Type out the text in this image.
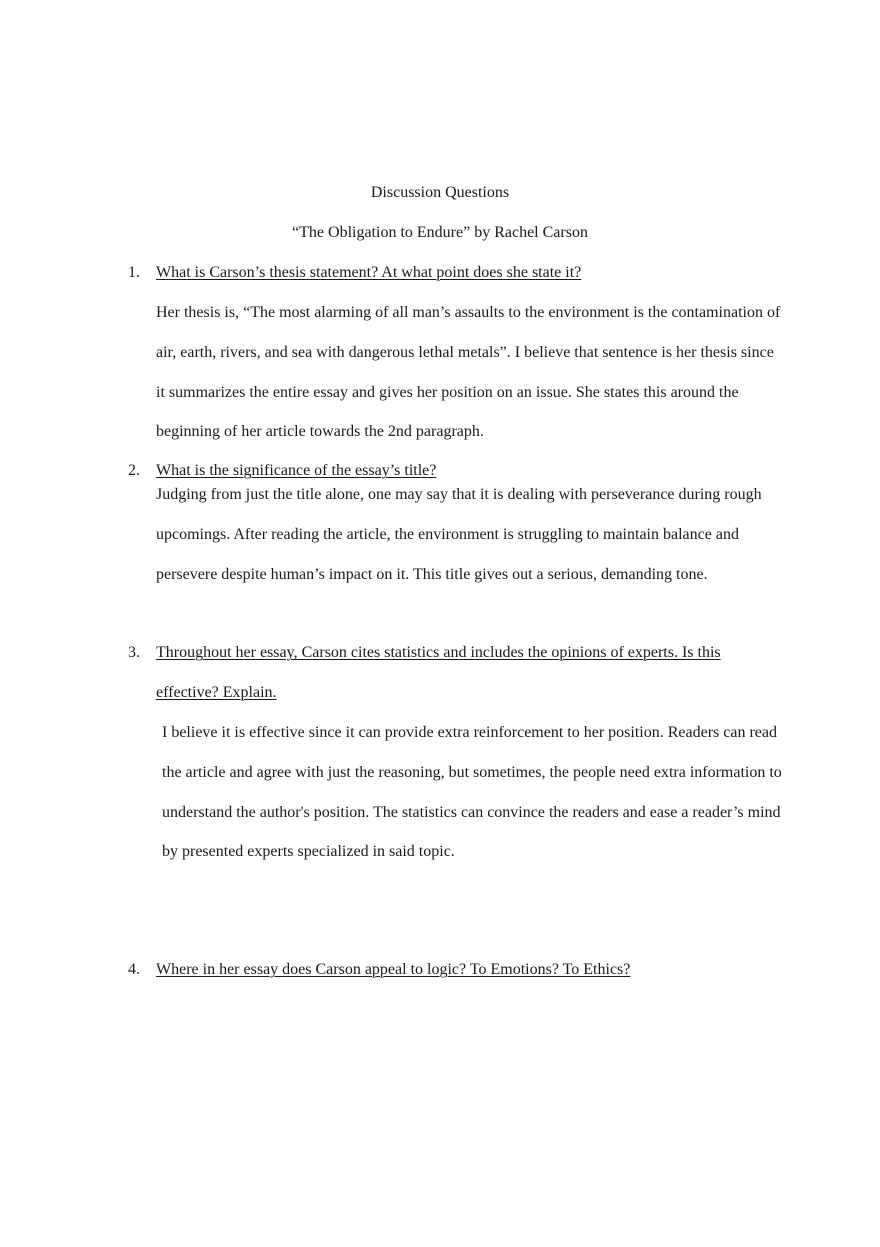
Discussion Questions
“The Obligation to Endure” by Rachel Carson
1.	What is Carson’s thesis statement? At what point does she state it?

Her thesis is, “The most alarming of all man’s assaults to the environment is the contamination of air, earth, rivers, and sea with dangerous lethal metals”. I believe that sentence is her thesis since it summarizes the entire essay and gives her position on an issue. She states this around the beginning of her article towards the 2nd paragraph.

2.	What is the significance of the essay’s title?

Judging from just the title alone, one may say that it is dealing with perseverance during rough upcomings. After reading the article, the environment is struggling to maintain balance and persevere despite human’s impact on it. This title gives out a serious, demanding tone.

3.	Throughout her essay, Carson cites statistics and includes the opinions of experts. Is this effective? Explain.

I believe it is effective since it can provide extra reinforcement to her position. Readers can read the article and agree with just the reasoning, but sometimes, the people need extra information to understand the author's position. The statistics can convince the readers and ease a reader’s mind by presented experts specialized in said topic.

4.	Where in her essay does Carson appeal to logic? To Emotions? To Ethics?
